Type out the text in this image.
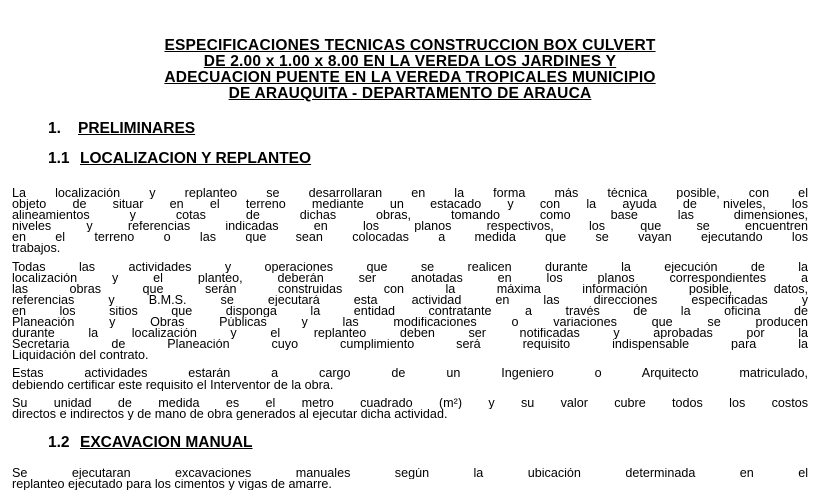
ESPECIFICACIONES TECNICAS CONSTRUCCION BOX CULVERT
DE 2.00 x 1.00 x 8.00 EN LA VEREDA LOS JARDINES Y
ADECUACION PUENTE EN LA VEREDA TROPICALES MUNICIPIO
DE ARAUQUITA - DEPARTAMENTO DE ARAUCA
1. PRELIMINARES
1.1 LOCALIZACION Y REPLANTEO
La localización y replanteo se desarrollaran en la forma más técnica posible, con el
objeto de situar en el terreno mediante un estacado y con la ayuda de niveles, los
alineamientos y cotas de dichas obras, tomando como base las dimensiones,
niveles y referencias indicadas en los planos respectivos, los que se encuentren
en el terreno o las que sean colocadas a medida que se vayan ejecutando los
trabajos.
Todas las actividades y operaciones que se realicen durante la ejecución de la
localización y el planteo, deberán ser anotadas en los planos correspondientes a
las obras que serán construidas con la máxima información posible, datos,
referencias y B.M.S. se ejecutará esta actividad en las direcciones especificadas y
en los sitios que disponga la entidad contratante a través de la oficina de
Planeación y Obras Públicas y las modificaciones o variaciones que se producen
durante la localización y el replanteo deben ser notificadas y aprobadas por la
Secretaria de Planeación cuyo cumplimiento será requisito indispensable para la
Liquidación del contrato.
Estas actividades estarán a cargo de un Ingeniero o Arquitecto matriculado,
debiendo certificar este requisito el Interventor de la obra.
Su unidad de medida es el metro cuadrado (m²) y su valor cubre todos los costos
directos e indirectos y de mano de obra generados al ejecutar dicha actividad.
1.2 EXCAVACION MANUAL
Se ejecutaran excavaciones manuales según la ubicación determinada en el
replanteo ejecutado para los cimentos y vigas de amarre.
